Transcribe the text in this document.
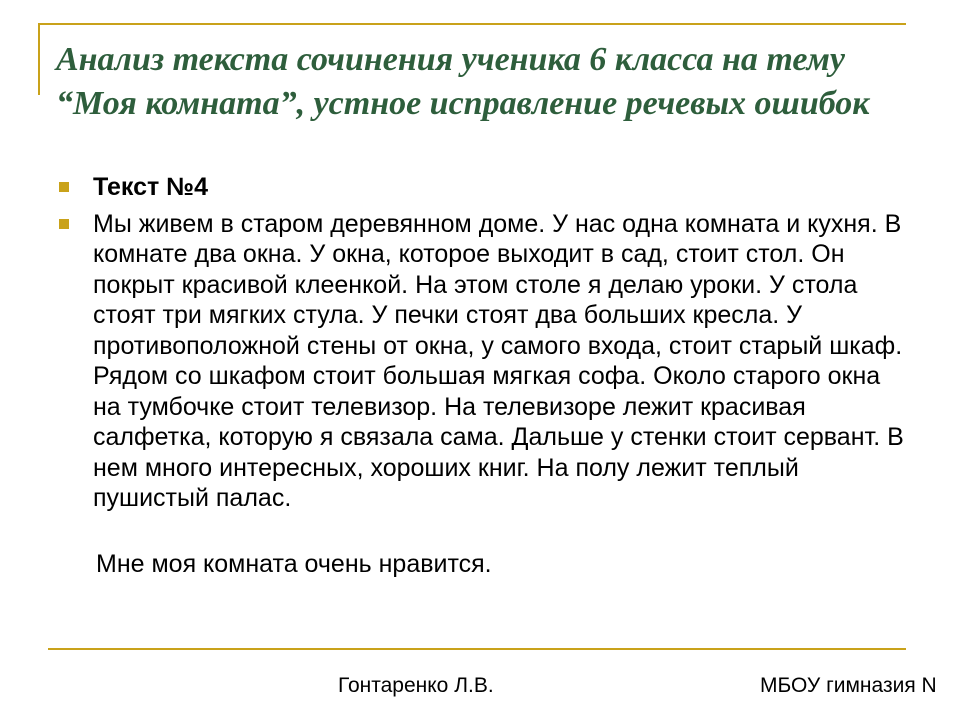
Анализ текста сочинения ученика 6 класса на тему “Моя комната”, устное исправление речевых ошибок
Текст №4
Мы живем в старом деревянном доме. У нас одна комната и кухня. В комнате два окна. У окна, которое выходит в сад, стоит стол. Он покрыт красивой клеенкой. На этом столе я делаю уроки. У стола стоят три мягких стула. У печки стоят два больших кресла. У противоположной стены от окна, у самого входа, стоит старый шкаф. Рядом со шкафом стоит большая мягкая софа. Около старого окна на тумбочке стоит телевизор. На телевизоре лежит красивая салфетка, которую я связала сама. Дальше у стенки стоит сервант. В нем много интересных, хороших книг. На полу лежит теплый пушистый палас.

Мне моя комната очень нравится.

Гонтаренко Л.В.	МБОУ гимназия N
